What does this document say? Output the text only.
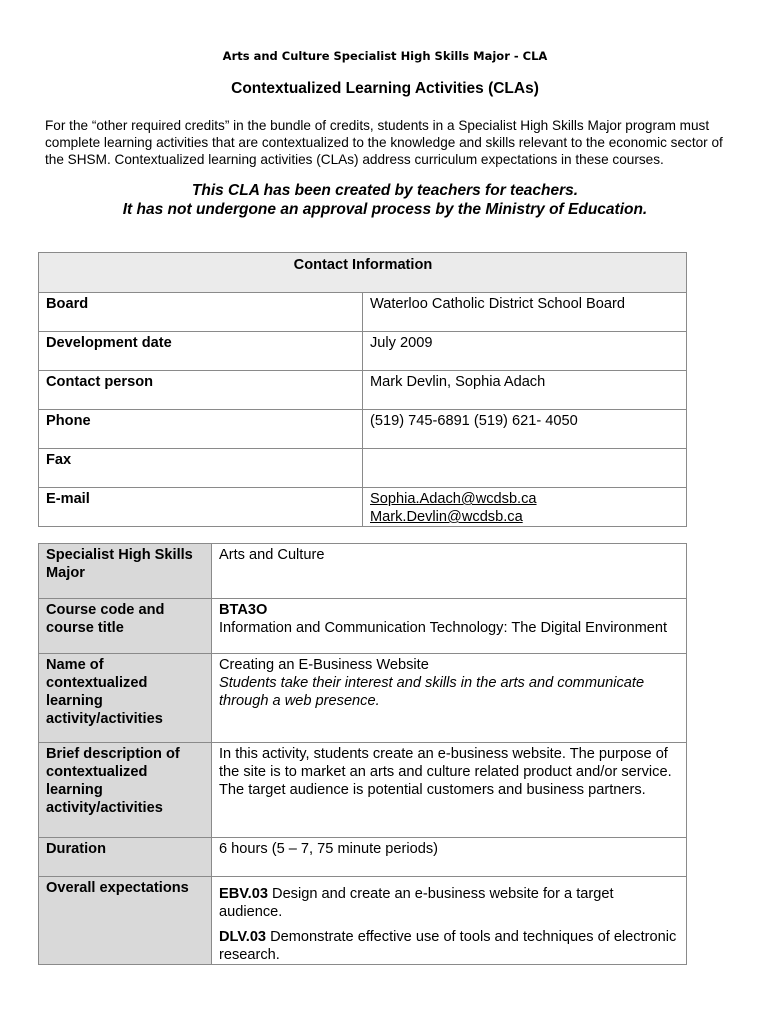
Arts and Culture Specialist High Skills Major - CLA
Contextualized Learning Activities (CLAs)
For the “other required credits” in the bundle of credits, students in a Specialist High Skills Major program must complete learning activities that are contextualized to the knowledge and skills relevant to the economic sector of the SHSM. Contextualized learning activities (CLAs) address curriculum expectations in these courses.
This CLA has been created by teachers for teachers.
It has not undergone an approval process by the Ministry of Education.
Contact Information	
Board	Waterloo Catholic District School Board
Development date	July 2009
Contact person	Mark Devlin, Sophia Adach
Phone	(519) 745-6891 (519) 621- 4050
Fax	
E-mail	Sophia.Adach@wcdsb.ca Mark.Devlin@wcdsb.ca
Specialist High Skills Major	Arts and Culture
Course code and course title	BTA3O
Information and Communication Technology: The Digital Environment

Name of contextualized learning activity/activities	Creating an E-Business Website
Students take their interest and skills in the arts and communicate through a web presence.

Brief description of contextualized learning activity/activities	In this activity, students create an e-business website. The purpose of the site is to market an arts and culture related product and/or service. The target audience is potential customers and business partners.
Duration	6 hours (5 – 7, 75 minute periods)
Overall expectations	EBV.03 Design and create an e-business website for a target audience.
DLV.03 Demonstrate effective use of tools and techniques of electronic research.
